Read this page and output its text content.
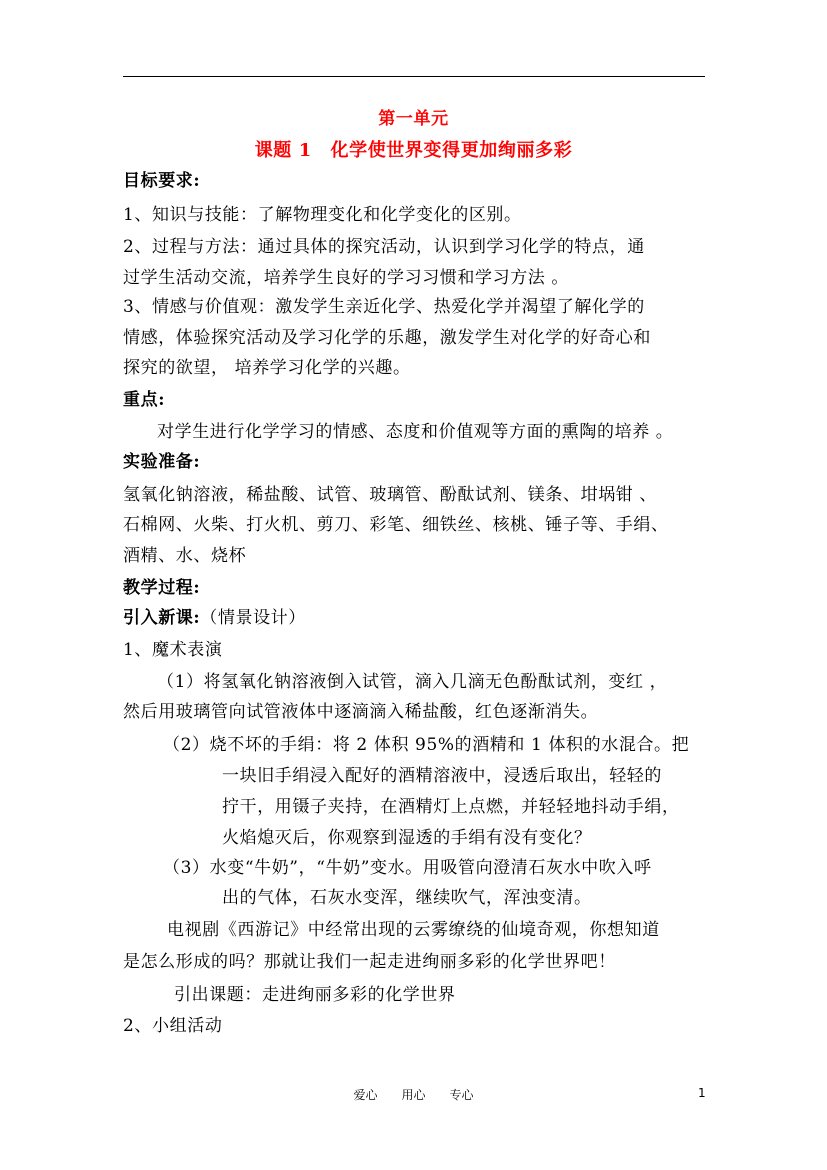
第一单元
课题 1　化学使世界变得更加绚丽多彩
目标要求:
1、知识与技能：了解物理变化和化学变化的区别。
2、过程与方法：通过具体的探究活动，认识到学习化学的特点，通
过学生活动交流，培养学生良好的学习习惯和学习方法 。
3、情感与价值观：激发学生亲近化学、热爱化学并渴望了解化学的
情感，体验探究活动及学习化学的乐趣，激发学生对化学的好奇心和
探究的欲望， 培养学习化学的兴趣。
重点:
对学生进行化学学习的情感、态度和价值观等方面的熏陶的培养 。
实验准备:
氢氧化钠溶液，稀盐酸、试管、玻璃管、酚酞试剂、镁条、坩埚钳 、
石棉网、火柴、打火机、剪刀、彩笔、细铁丝、核桃、锤子等、手绢、
酒精、水、烧杯
教学过程:
引入新课:（情景设计）
1、魔术表演
（1）将氢氧化钠溶液倒入试管，滴入几滴无色酚酞试剂，变红 ，
然后用玻璃管向试管液体中逐滴滴入稀盐酸，红色逐渐消失。
（2）烧不坏的手绢：将 2 体积 95%的酒精和 1 体积的水混合。把
一块旧手绢浸入配好的酒精溶液中，浸透后取出，轻轻的
拧干，用镊子夹持，在酒精灯上点燃，并轻轻地抖动手绢，
火焰熄灭后，你观察到湿透的手绢有没有变化？
（3）水变“牛奶”，“牛奶”变水。用吸管向澄清石灰水中吹入呼
出的气体，石灰水变浑，继续吹气，浑浊变清。
电视剧《西游记》中经常出现的云雾缭绕的仙境奇观，你想知道
是怎么形成的吗？那就让我们一起走进绚丽多彩的化学世界吧！
引出课题：走进绚丽多彩的化学世界
2、小组活动
爱心　　用心　　专心	1
